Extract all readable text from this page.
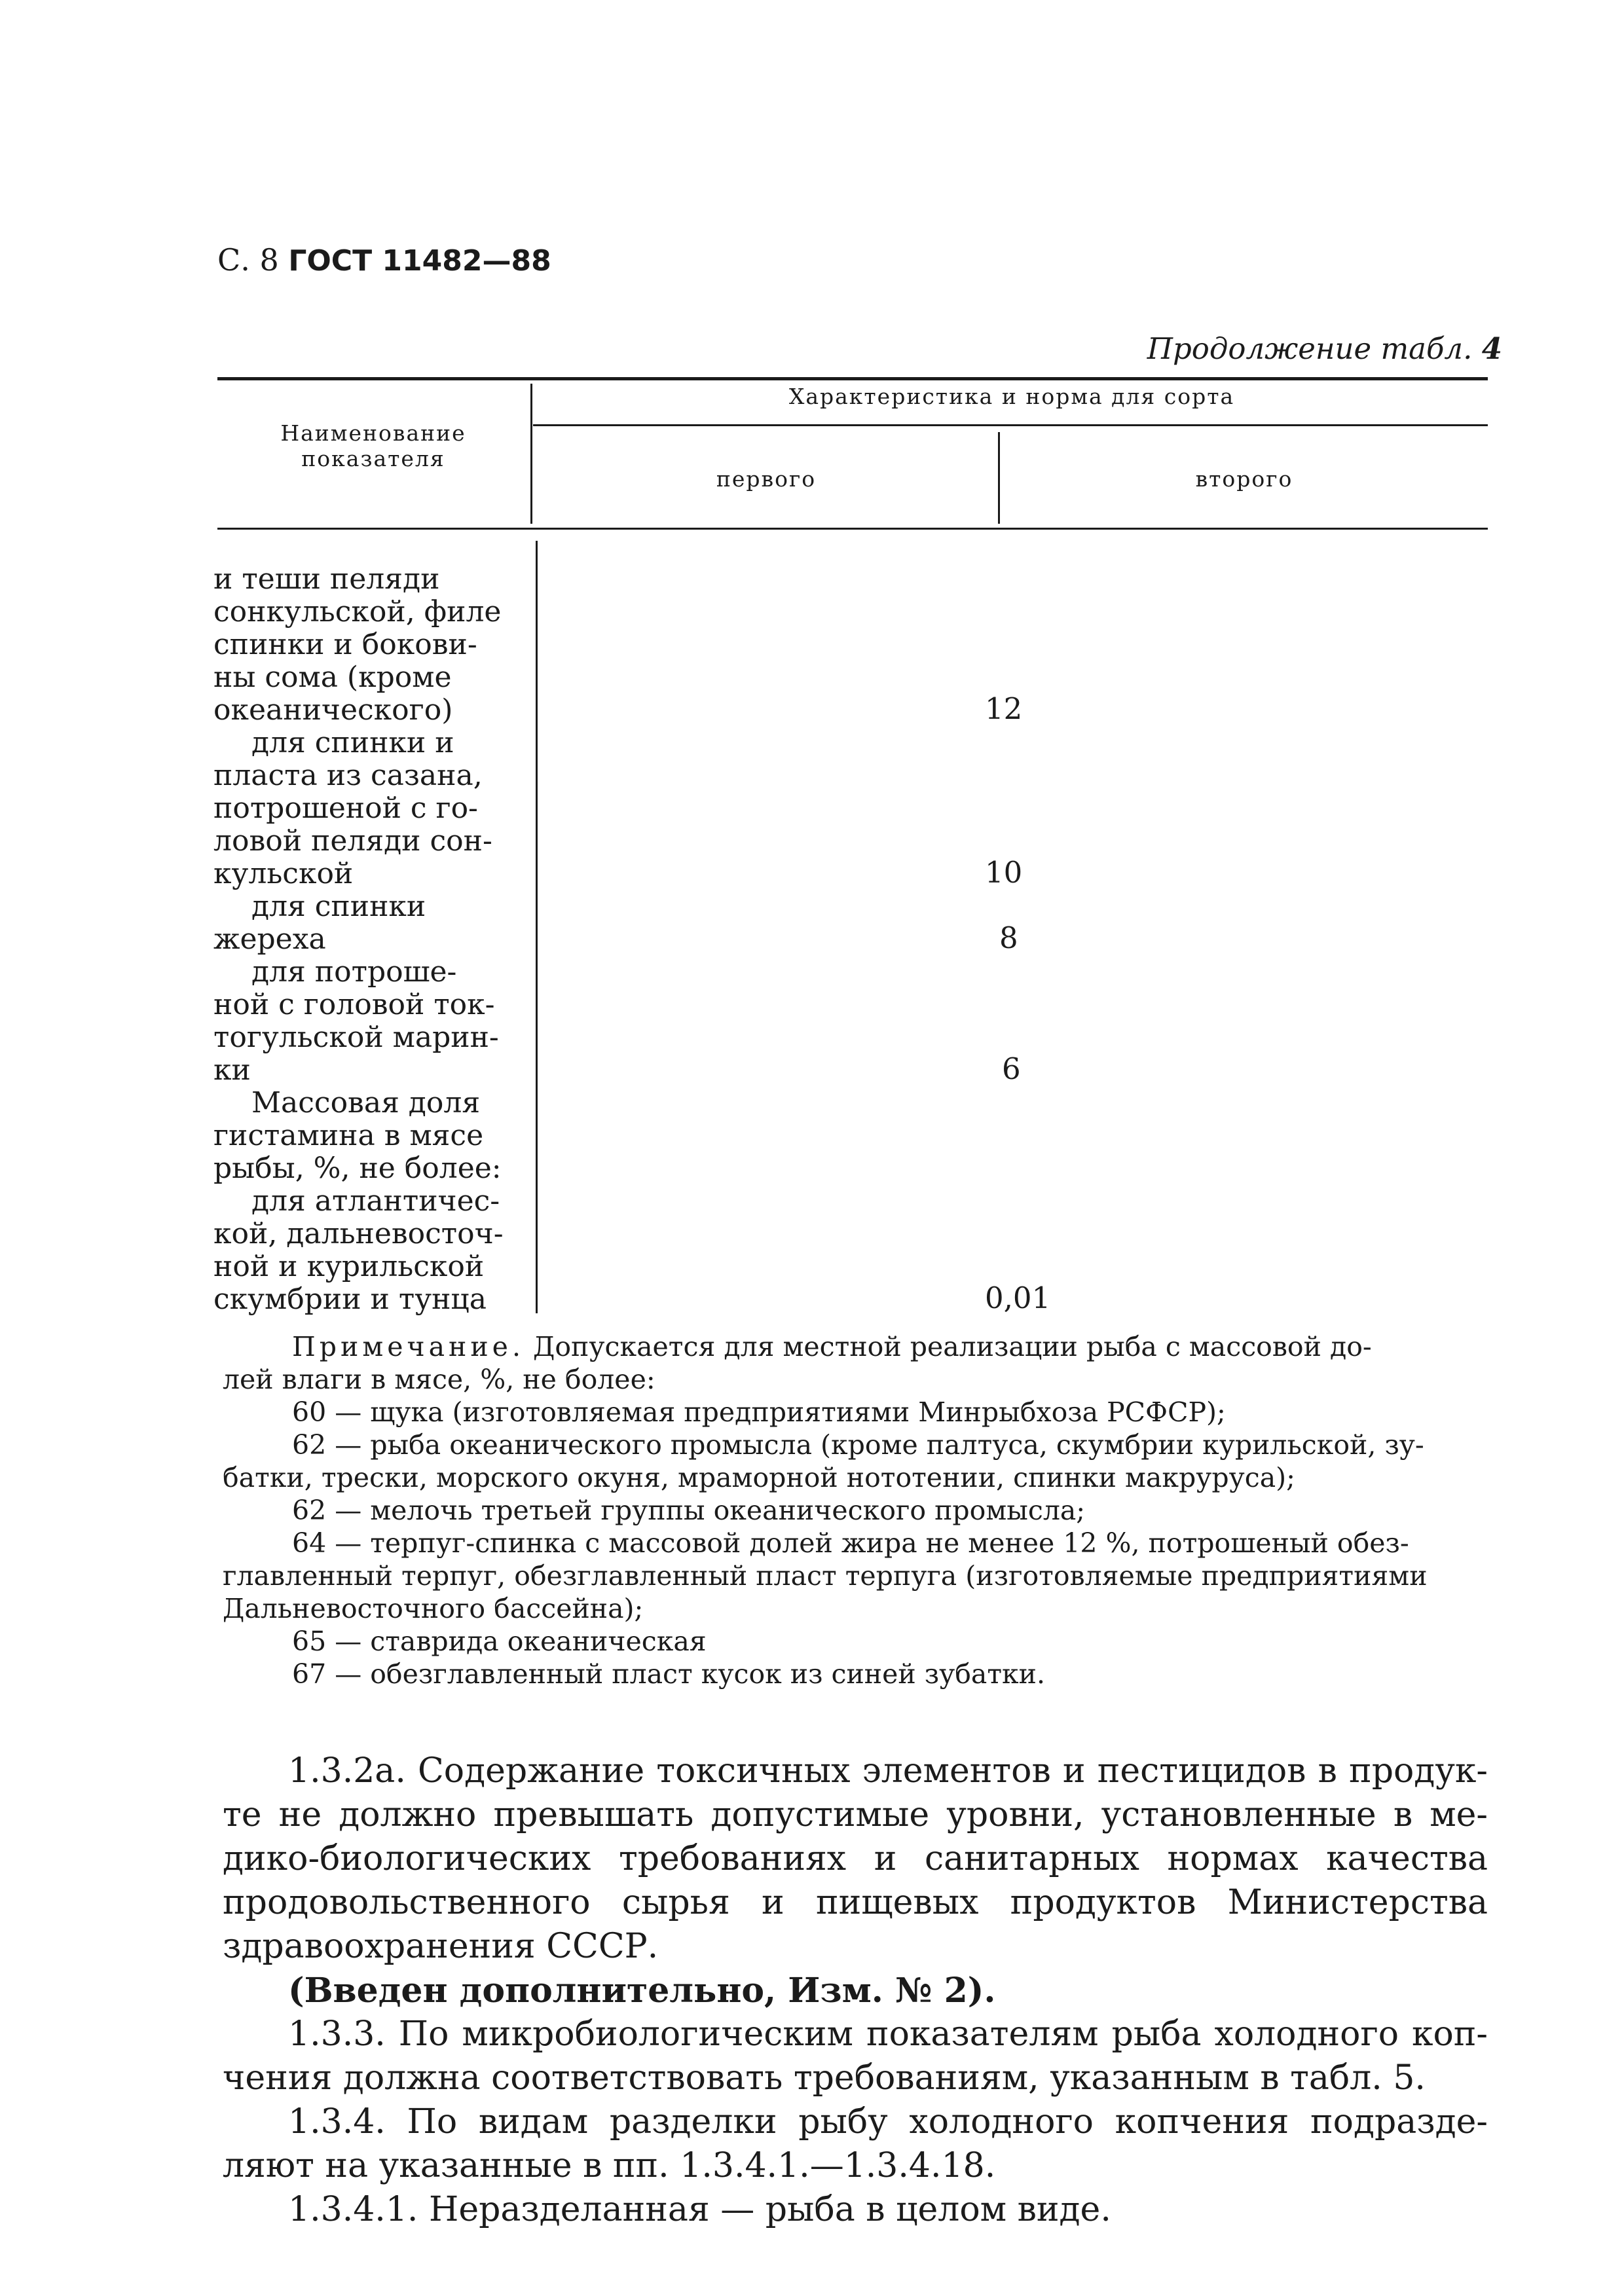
С. 8 ГОСТ 11482—88
Продолжение табл. 4
Наименование
показателя
Характеристика и норма для сорта
первого	второго
и теши пеляди
сонкульской, филе
спинки и бокови-
ны сома (кроме
океанического)
для спинки и
пласта из сазана,
потрошеной с го-
ловой пеляди сон-
кульской
для спинки
жереха
для потроше-
ной с головой ток-
тогульской марин-
ки
Массовая доля
гистамина в мясе
рыбы, %, не более:
для атлантичес-
кой, дальневосточ-
ной и курильской
скумбрии и тунца
12
10
8
6
0,01
Примечание. Допускается для местной реализации рыба с массовой до-
лей влаги в мясе, %, не более:
60 — щука (изготовляемая предприятиями Минрыбхоза РСФСР);
62 — рыба океанического промысла (кроме палтуса, скумбрии курильской, зу-
батки, трески, морского окуня, мраморной нототении, спинки макруруса);
62 — мелочь третьей группы океанического промысла;
64 — терпуг-спинка с массовой долей жира не менее 12 %, потрошеный обез-
главленный терпуг, обезглавленный пласт терпуга (изготовляемые предприятиями
Дальневосточного бассейна);
65 — ставрида океаническая
67 — обезглавленный пласт кусок из синей зубатки.
1.3.2а. Содержание токсичных элементов и пестицидов в продук-
те не должно превышать допустимые уровни, установленные в ме-
дико-биологических требованиях и санитарных нормах качества
продовольственного сырья и пищевых продуктов Министерства
здравоохранения СССР.
(Введен дополнительно, Изм. № 2).
1.3.3. По микробиологическим показателям рыба холодного коп-
чения должна соответствовать требованиям, указанным в табл. 5.
1.3.4. По видам разделки рыбу холодного копчения подразде-
ляют на указанные в пп. 1.3.4.1.—1.3.4.18.
1.3.4.1. Неразделанная — рыба в целом виде.
